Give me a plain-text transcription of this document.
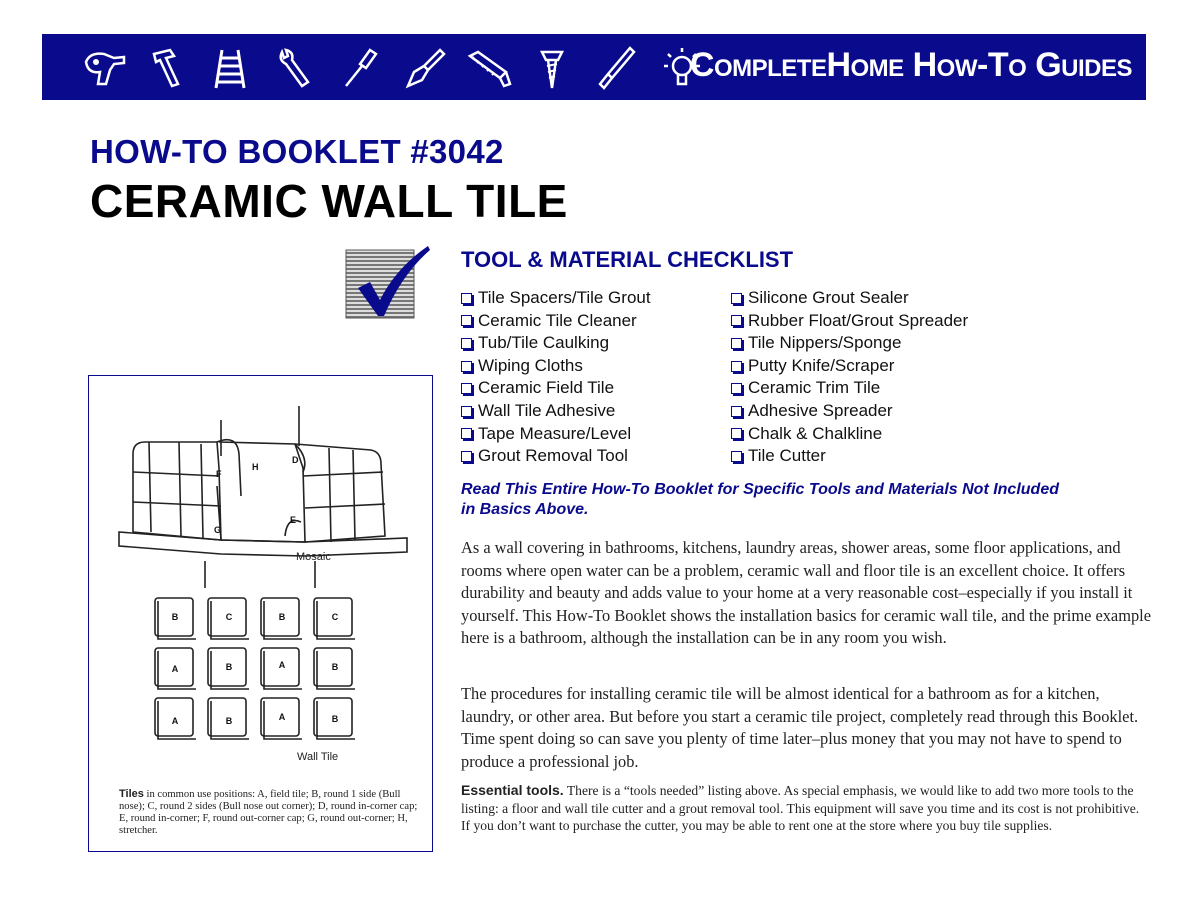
CompleteHome How-To Guides
HOW-TO BOOKLET #3042
CERAMIC WALL TILE
TOOL & MATERIAL CHECKLIST
Tile Spacers/Tile Grout
Ceramic Tile Cleaner
Tub/Tile Caulking
Wiping Cloths
Ceramic Field Tile
Wall Tile Adhesive
Tape Measure/Level
Grout Removal Tool
Silicone Grout Sealer
Rubber Float/Grout Spreader
Tile Nippers/Sponge
Putty Knife/Scraper
Ceramic Trim Tile
Adhesive Spreader
Chalk & Chalkline
Tile Cutter

Read This Entire How-To Booklet for Specific Tools and Materials Not Included in Basics Above.

As a wall covering in bathrooms, kitchens, laundry areas, shower areas, some floor applications, and rooms where open water can be a problem, ceramic wall and floor tile is an excellent choice. It offers durability and beauty and adds value to your home at a very reasonable cost–especially if you install it yourself. This How-To Booklet shows the installation basics for ceramic wall tile, and the prime example here is a bathroom, although the installation can be in any room you wish.

The procedures for installing ceramic tile will be almost identical for a bathroom as for a kitchen, laundry, or other area. But before you start a ceramic tile project, completely read through this Booklet. Time spent doing so can save you plenty of time later–plus money that you may not have to spend to produce a professional job.

Essential tools. There is a “tools needed” listing above. As special emphasis, we would like to add two more tools to the listing: a floor and wall tile cutter and a grout removal tool. This equipment will save you time and its cost is not prohibitive. If you don’t want to purchase the cutter, you may be able to rent one at the store where you buy tile supplies.

F
H
D
G
E
Mosaic
B	C	B	C
A	B	A	B
A	B	A	B
Wall Tile

Tiles in common use positions: A, field tile; B, round 1 side (Bull nose); C, round 2 sides (Bull nose out corner); D, round in-corner cap; E, round in-corner; F, round out-corner cap; G, round out-corner; H, stretcher.
